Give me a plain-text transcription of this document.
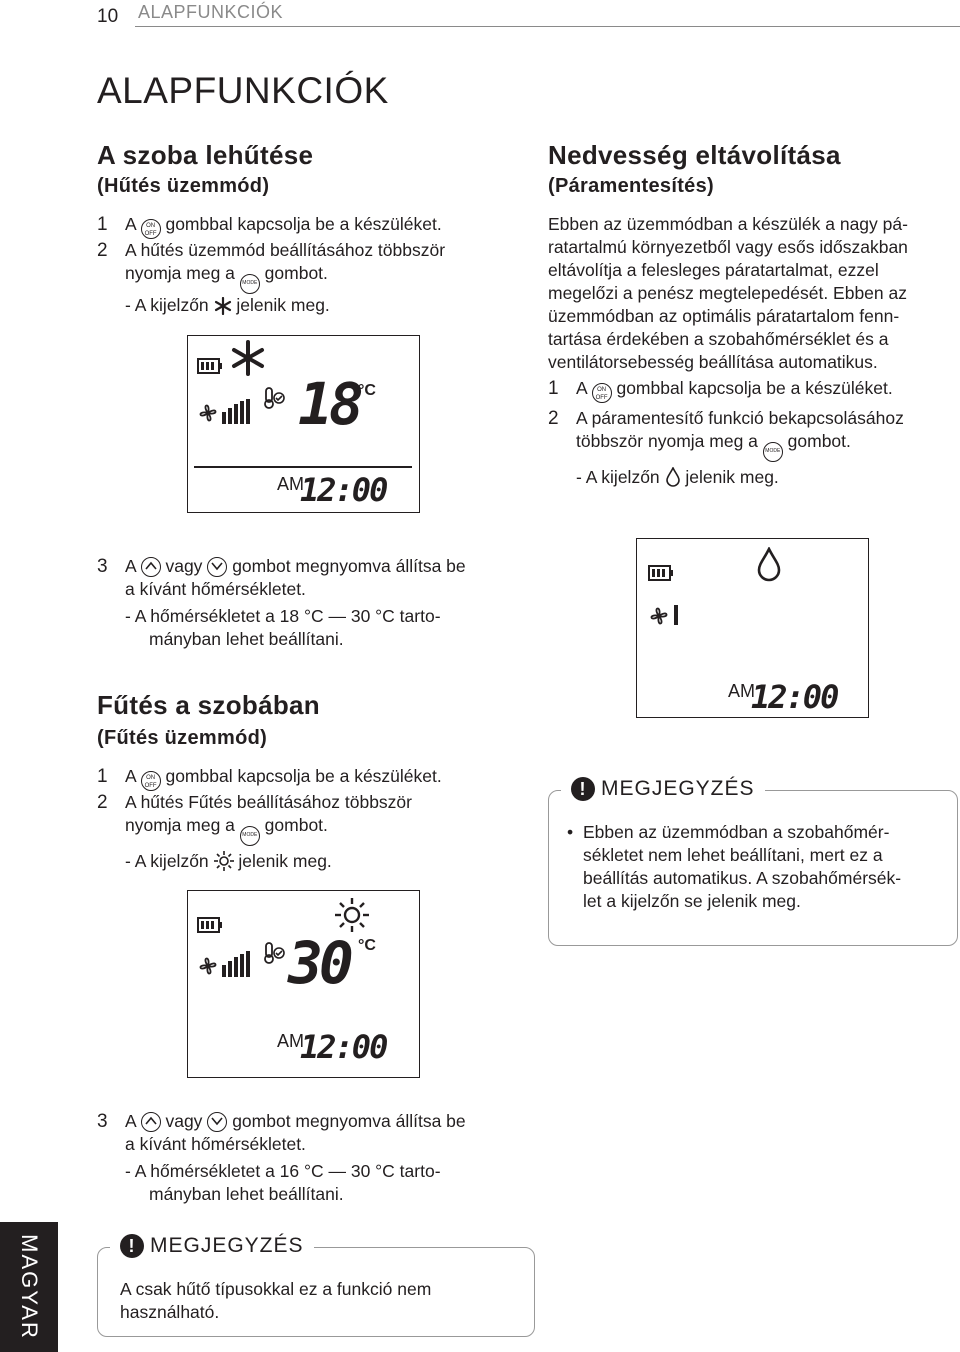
10 ALAPFUNKCIÓK
ALAPFUNKCIÓK
A szoba lehűtése
(Hűtés üzemmód)
1 A ON
OFF gombbal kapcsolja be a készüléket.
2 A hűtés üzemmód beállításához többször
nyomja meg a MODE gombot.
- A kijelzőn jelenik meg.
18
°C
AM
12:00
3 A vagy gombot megnyomva állítsa be
a kívánt hőmérsékletet.
- A hőmérsékletet a 18 °C — 30 °C tarto-
mányban lehet beállítani.
Fűtés a szobában
(Fűtés üzemmód)
1 A ON
OFF gombbal kapcsolja be a készüléket.
2 A hűtés Fűtés beállításához többször
nyomja meg a MODE gombot.
- A kijelzőn jelenik meg.
30 °C
AM
12:00
3 A vagy gombot megnyomva állítsa be
a kívánt hőmérsékletet.
- A hőmérsékletet a 16 °C — 30 °C tarto-
mányban lehet beállítani.
! MEGJEGYZÉS
A csak hűtő típusokkal ez a funkció nem
használható.
Nedvesség eltávolítása
(Páramentesítés)
Ebben az üzemmódban a készülék a nagy pá-
ratartalmú környezetből vagy esős időszakban
eltávolítja a felesleges páratartalmat, ezzel
megelőzi a penész megtelepedését. Ebben az
üzemmódban az optimális páratartalom fenn-
tartása érdekében a szobahőmérséklet és a
ventilátorsebesség beállítása automatikus.
1 A ON
OFF gombbal kapcsolja be a készüléket.
2 A páramentesítő funkció bekapcsolásához
többször nyomja meg a MODE gombot.
- A kijelzőn jelenik meg.
AM
12:00
! MEGJEGYZÉS
• Ebben az üzemmódban a szobahőmér-
sékletet nem lehet beállítani, mert ez a
beállítás automatikus. A szobahőmérsék-
let a kijelzőn se jelenik meg.
MAGYAR
